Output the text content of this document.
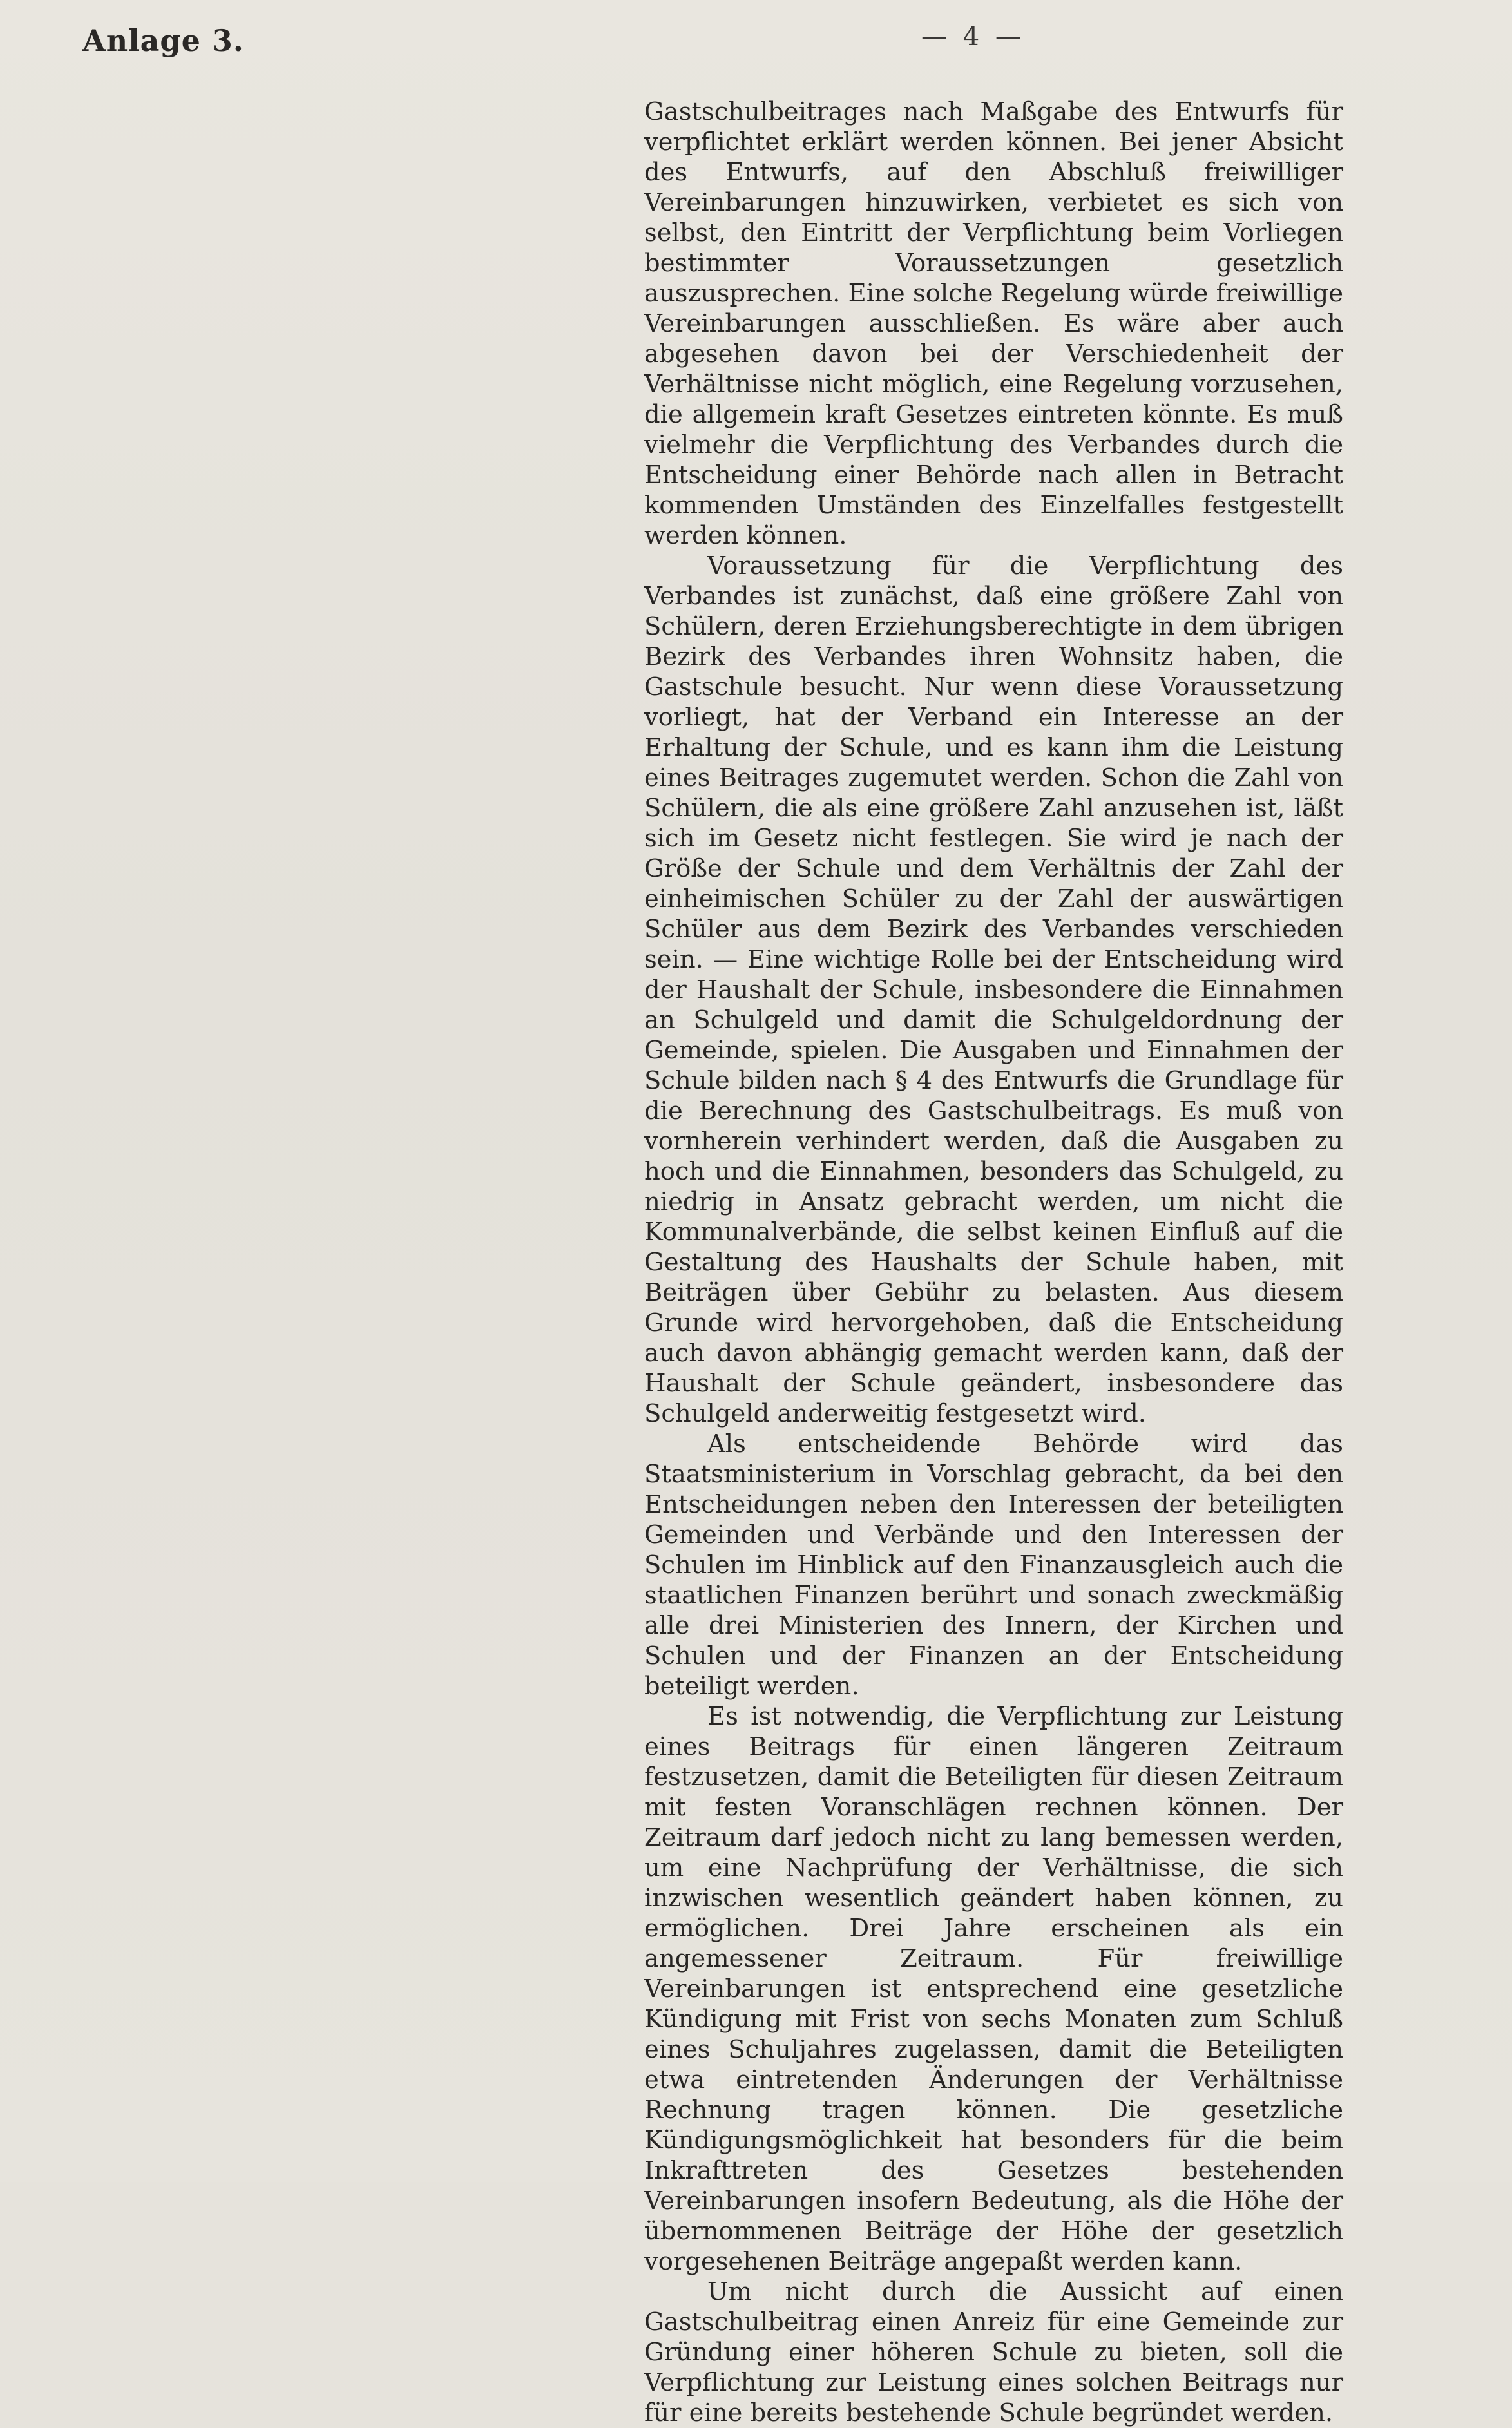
Anlage 3.	— 4 —

Gastschulbeitrages nach Maßgabe des Entwurfs für verpflichtet erklärt werden können. Bei jener Absicht des Entwurfs, auf den Abschluß freiwilliger Vereinbarungen hinzuwirken, verbietet es sich von selbst, den Eintritt der Verpflichtung beim Vorliegen bestimmter Voraussetzungen gesetzlich auszusprechen. Eine solche Regelung würde freiwillige Vereinbarungen ausschließen. Es wäre aber auch abgesehen davon bei der Verschiedenheit der Verhältnisse nicht möglich, eine Regelung vorzusehen, die allgemein kraft Gesetzes eintreten könnte. Es muß vielmehr die Verpflichtung des Verbandes durch die Entscheidung einer Behörde nach allen in Betracht kommenden Umständen des Einzelfalles festgestellt werden können.

Voraussetzung für die Verpflichtung des Verbandes ist zunächst, daß eine größere Zahl von Schülern, deren Erziehungsberechtigte in dem übrigen Bezirk des Verbandes ihren Wohnsitz haben, die Gastschule besucht. Nur wenn diese Voraussetzung vorliegt, hat der Verband ein Interesse an der Erhaltung der Schule, und es kann ihm die Leistung eines Beitrages zugemutet werden. Schon die Zahl von Schülern, die als eine größere Zahl anzusehen ist, läßt sich im Gesetz nicht festlegen. Sie wird je nach der Größe der Schule und dem Verhältnis der Zahl der einheimischen Schüler zu der Zahl der auswärtigen Schüler aus dem Bezirk des Verbandes verschieden sein. — Eine wichtige Rolle bei der Entscheidung wird der Haushalt der Schule, insbesondere die Einnahmen an Schulgeld und damit die Schulgeldordnung der Gemeinde, spielen. Die Ausgaben und Einnahmen der Schule bilden nach § 4 des Entwurfs die Grundlage für die Berechnung des Gastschulbeitrags. Es muß von vornherein verhindert werden, daß die Ausgaben zu hoch und die Einnahmen, besonders das Schulgeld, zu niedrig in Ansatz gebracht werden, um nicht die Kommunalverbände, die selbst keinen Einfluß auf die Gestaltung des Haushalts der Schule haben, mit Beiträgen über Gebühr zu belasten. Aus diesem Grunde wird hervorgehoben, daß die Entscheidung auch davon abhängig gemacht werden kann, daß der Haushalt der Schule geändert, insbesondere das Schulgeld anderweitig festgesetzt wird.

Als entscheidende Behörde wird das Staatsministerium in Vorschlag gebracht, da bei den Entscheidungen neben den Interessen der beteiligten Gemeinden und Verbände und den Interessen der Schulen im Hinblick auf den Finanzausgleich auch die staatlichen Finanzen berührt und sonach zweckmäßig alle drei Ministerien des Innern, der Kirchen und Schulen und der Finanzen an der Entscheidung beteiligt werden.

Es ist notwendig, die Verpflichtung zur Leistung eines Beitrags für einen längeren Zeitraum festzusetzen, damit die Beteiligten für diesen Zeitraum mit festen Voranschlägen rechnen können. Der Zeitraum darf jedoch nicht zu lang bemessen werden, um eine Nachprüfung der Verhältnisse, die sich inzwischen wesentlich geändert haben können, zu ermöglichen. Drei Jahre erscheinen als ein angemessener Zeitraum. Für freiwillige Vereinbarungen ist entsprechend eine gesetzliche Kündigung mit Frist von sechs Monaten zum Schluß eines Schuljahres zugelassen, damit die Beteiligten etwa eintretenden Änderungen der Verhältnisse Rechnung tragen können. Die gesetzliche Kündigungsmöglichkeit hat besonders für die beim Inkrafttreten des Gesetzes bestehenden Vereinbarungen insofern Bedeutung, als die Höhe der übernommenen Beiträge der Höhe der gesetzlich vorgesehenen Beiträge angepaßt werden kann.

Um nicht durch die Aussicht auf einen Gastschulbeitrag einen Anreiz für eine Gemeinde zur Gründung einer höheren Schule zu bieten, soll die Verpflichtung zur Leistung eines solchen Beitrags nur für eine bereits bestehende Schule begründet werden.
